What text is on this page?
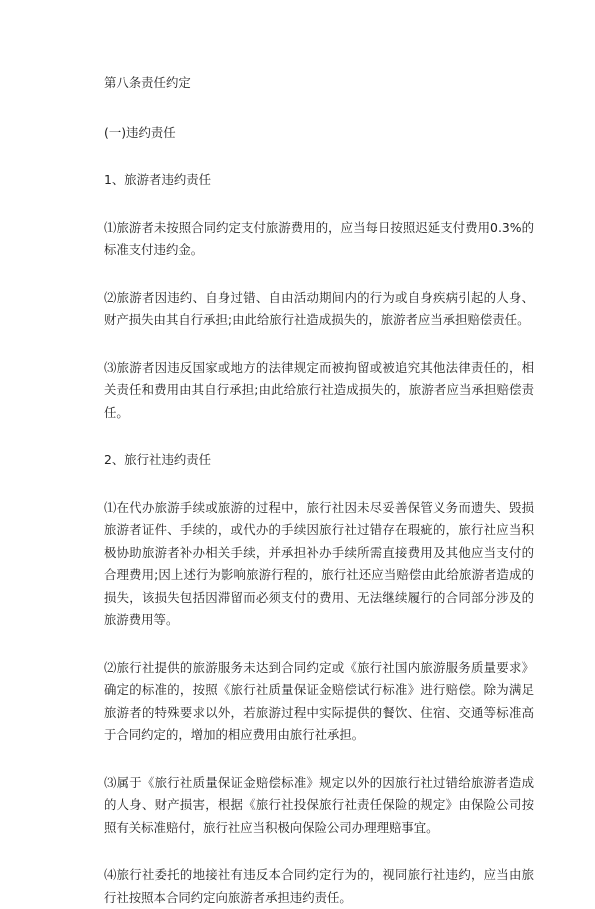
第八条责任约定

(一)违约责任

1、旅游者违约责任

⑴旅游者未按照合同约定支付旅游费用的，应当每日按照迟延支付费用0.3%的标准支付违约金。

⑵旅游者因违约、自身过错、自由活动期间内的行为或自身疾病引起的人身、财产损失由其自行承担;由此给旅行社造成损失的，旅游者应当承担赔偿责任。

⑶旅游者因违反国家或地方的法律规定而被拘留或被追究其他法律责任的，相关责任和费用由其自行承担;由此给旅行社造成损失的，旅游者应当承担赔偿责任。

2、旅行社违约责任

⑴在代办旅游手续或旅游的过程中，旅行社因未尽妥善保管义务而遗失、毁损旅游者证件、手续的，或代办的手续因旅行社过错存在瑕疵的，旅行社应当积极协助旅游者补办相关手续，并承担补办手续所需直接费用及其他应当支付的合理费用;因上述行为影响旅游行程的，旅行社还应当赔偿由此给旅游者造成的损失，该损失包括因滞留而必须支付的费用、无法继续履行的合同部分涉及的旅游费用等。

⑵旅行社提供的旅游服务未达到合同约定或《旅行社国内旅游服务质量要求》确定的标准的，按照《旅行社质量保证金赔偿试行标准》进行赔偿。除为满足旅游者的特殊要求以外，若旅游过程中实际提供的餐饮、住宿、交通等标准高于合同约定的，增加的相应费用由旅行社承担。

⑶属于《旅行社质量保证金赔偿标准》规定以外的因旅行社过错给旅游者造成的人身、财产损害，根据《旅行社投保旅行社责任保险的规定》由保险公司按照有关标准赔付，旅行社应当积极向保险公司办理理赔事宜。

⑷旅行社委托的地接社有违反本合同约定行为的，视同旅行社违约，应当由旅行社按照本合同约定向旅游者承担违约责任。
